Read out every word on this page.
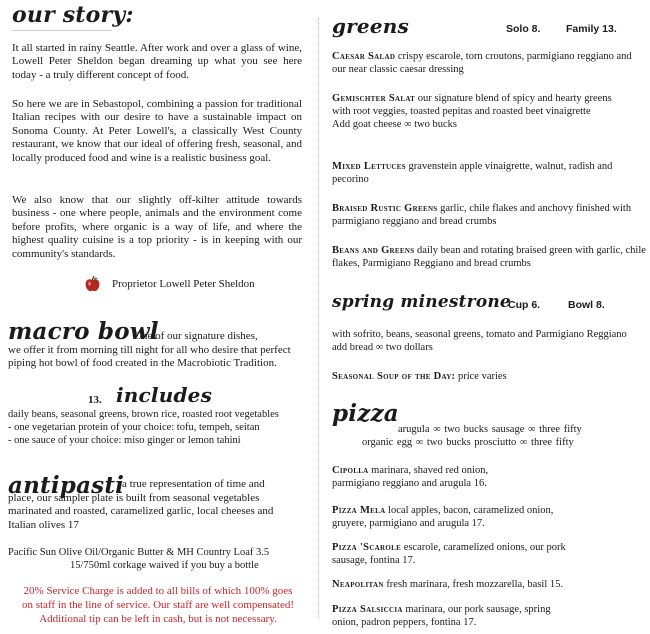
our story:

It all started in rainy Seattle. After work and over a glass of wine, Lowell Peter Sheldon began dreaming up what you see here today - a truly different concept of food.

So here we are in Sebastopol, combining a passion for traditional Italian recipes with our desire to have a sustainable impact on Sonoma County. At Peter Lowell's, a classically West County restaurant, we know that our ideal of offering fresh, seasonal, and locally produced food and wine is a realistic business goal.

We also know that our slightly off-kilter attitude towards business - one where people, animals and the environment come before profits, where organic is a way of life, and where the highest quality cuisine is a top priority - is in keeping with our community's standards.

Proprietor Lowell Peter Sheldon
macro bowl
One of our signature dishes,

we offer it from morning till night for all who desire that perfect piping hot bowl of food created in the Macrobiotic Tradition.

13. includes
daily beans, seasonal greens, brown rice, roasted root vegetables
- one vegetarian protein of your choice: tofu, tempeh, seitan
- one sauce of your choice: miso ginger or lemon tahini
antipasti
a true representation of time and

place, our sampler plate is built from seasonal vegetables marinated and roasted, caramelized garlic, local cheeses and Italian olives 17

Pacific Sun Olive Oil/Organic Butter & MH Country Loaf 3.5
15/750ml corkage waived if you buy a bottle
20% Service Charge is added to all bills of which 100% goes
on staff in the line of service. Our staff are well compensated!
Additional tip can be left in cash, but is not necessary.
greens	Solo 8. Family 13.
Caesar Salad crispy escarole, torn croutons, parmigiano reggiano and our near classic caesar dressing
Gemischter Salat our signature blend of spicy and hearty greens with root veggies, toasted pepitas and roasted beet vinaigrette
Add goat cheese ∞ two bucks
Mixed Lettuces gravenstein apple vinaigrette, walnut, radish and pecorino
Braised Rustic Greens garlic, chile flakes and anchovy finished with parmigiano reggiano and bread crumbs
Beans and Greens daily bean and rotating braised green with garlic, chile flakes, Parmigiano Reggiano and bread crumbs
spring minestrone
Cup 6.	Bowl 8.
with sofrito, beans, seasonal greens, tomato and Parmigiano Reggiano
add bread ∞ two dollars
Seasonal Soup of the Day: price varies
pizza
arugula ∞ two bucks sausage ∞ three fifty
organic egg ∞ two bucks prosciutto ∞ three fifty
Cipolla marinara, shaved red onion, parmigiano reggiano and arugula 16.
Pizza Mela local apples, bacon, caramelized onion, gruyere, parmigiano and arugula 17.
Pizza 'Scarole escarole, caramelized onions, our pork sausage, fontina 17.
Neapolitan fresh marinara, fresh mozzarella, basil 15.
Pizza Salsiccia marinara, our pork sausage, spring onion, padron peppers, fontina 17.
